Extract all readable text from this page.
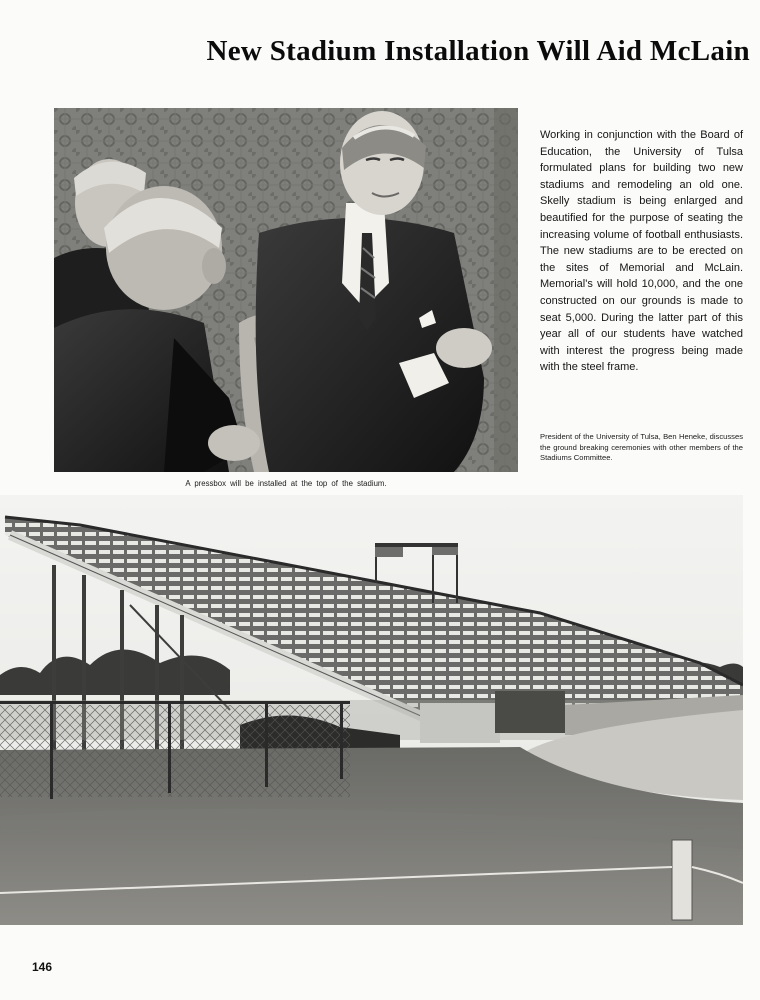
New Stadium Installation Will Aid McLain
Working in conjunction with the Board of Education, the University of Tulsa formulated plans for building two new stadiums and remodeling an old one. Skelly stadium is being enlarged and beautified for the purpose of seating the increasing volume of football enthusiasts. The new stadiums are to be erected on the sites of Memorial and McLain. Memorial's will hold 10,000, and the one constructed on our grounds is made to seat 5,000. During the latter part of this year all of our students have watched with interest the progress being made with the steel frame.
President of the University of Tulsa, Ben Heneke, discusses the ground breaking ceremonies with other members of the Stadiums Committee.
A pressbox will be installed at the top of the stadium.
146
